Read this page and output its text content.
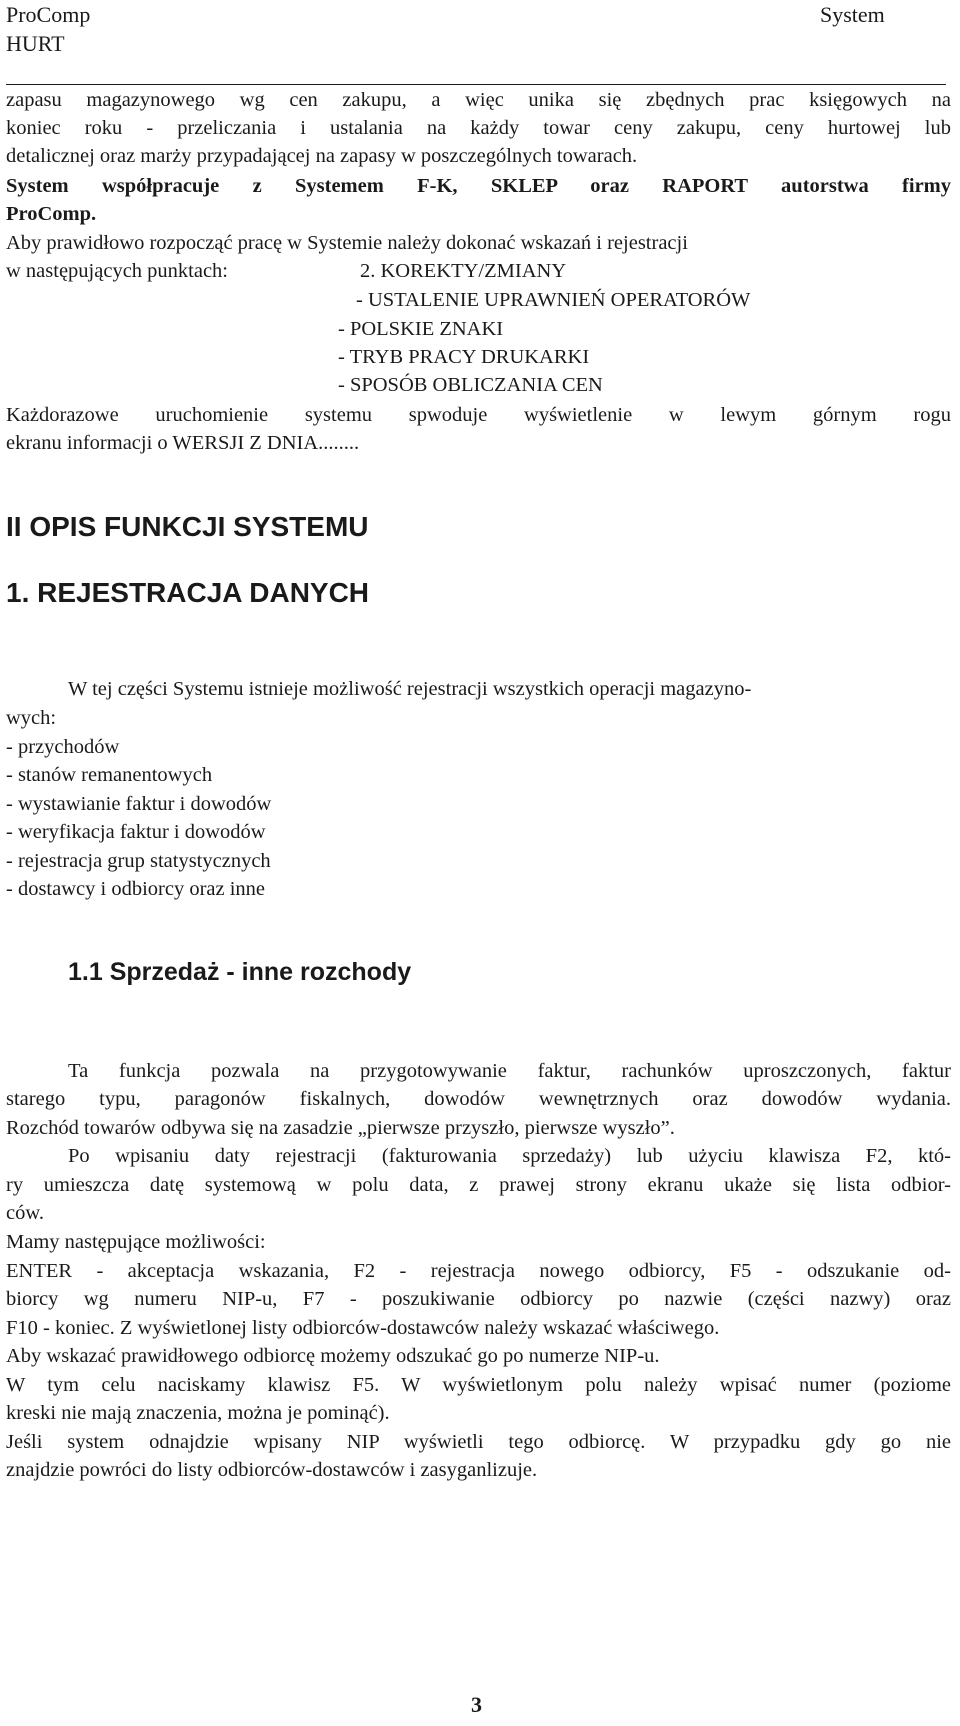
ProComp	System
HURT
zapasu magazynowego wg cen zakupu, a więc unika się zbędnych prac księgowych na
koniec roku - przeliczania i ustalania na każdy towar ceny zakupu, ceny hurtowej lub
detalicznej oraz marży przypadającej na zapasy w poszczególnych towarach.
System współpracuje z Systemem F-K, SKLEP oraz RAPORT autorstwa firmy
ProComp.
Aby prawidłowo rozpocząć pracę w Systemie należy dokonać wskazań i rejestracji
w następujących punktach:	2. KOREKTY/ZMIANY
- USTALENIE UPRAWNIEŃ OPERATORÓW
- POLSKIE ZNAKI
- TRYB PRACY DRUKARKI
- SPOSÓB OBLICZANIA CEN
Każdorazowe uruchomienie systemu spwoduje wyświetlenie w lewym górnym rogu
ekranu informacji o WERSJI Z DNIA........
II OPIS FUNKCJI SYSTEMU
1. REJESTRACJA DANYCH
W tej części Systemu istnieje możliwość rejestracji wszystkich operacji magazyno-
wych:
- przychodów
- stanów remanentowych
- wystawianie faktur i dowodów
- weryfikacja faktur i dowodów
- rejestracja grup statystycznych
- dostawcy i odbiorcy oraz inne
1.1 Sprzedaż - inne rozchody
Ta funkcja pozwala na przygotowywanie faktur, rachunków uproszczonych, faktur
starego typu, paragonów fiskalnych, dowodów wewnętrznych oraz dowodów wydania.
Rozchód towarów odbywa się na zasadzie „pierwsze przyszło, pierwsze wyszło”.
Po wpisaniu daty rejestracji (fakturowania sprzedaży) lub użyciu klawisza F2, któ-
ry umieszcza datę systemową w polu data, z prawej strony ekranu ukaże się lista odbior-
ców.
Mamy następujące możliwości:
ENTER - akceptacja wskazania, F2 - rejestracja nowego odbiorcy, F5 - odszukanie od-
biorcy wg numeru NIP-u, F7 - poszukiwanie odbiorcy po nazwie (części nazwy) oraz
F10 - koniec. Z wyświetlonej listy odbiorców-dostawców należy wskazać właściwego.
Aby wskazać prawidłowego odbiorcę możemy odszukać go po numerze NIP-u.
W tym celu naciskamy klawisz F5. W wyświetlonym polu należy wpisać numer (poziome
kreski nie mają znaczenia, można je pominąć).
Jeśli system odnajdzie wpisany NIP wyświetli tego odbiorcę. W przypadku gdy go nie
znajdzie powróci do listy odbiorców-dostawców i zasyganlizuje.
3
